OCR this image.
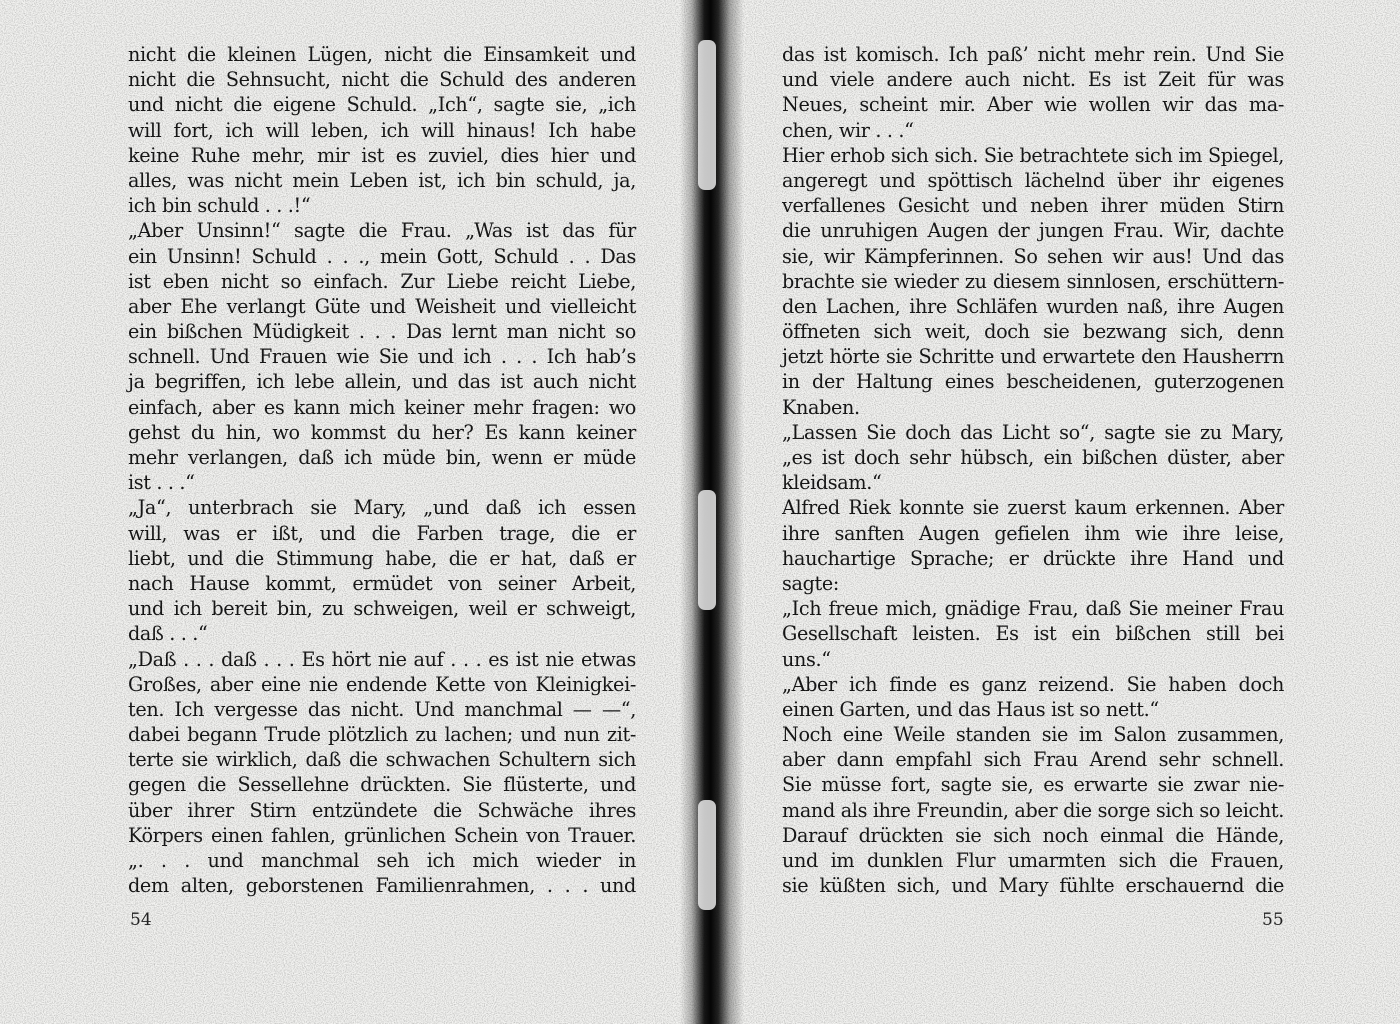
nicht die kleinen Lügen, nicht die Einsamkeit und
nicht die Sehnsucht, nicht die Schuld des anderen
und nicht die eigene Schuld. „Ich“, sagte sie, „ich
will fort, ich will leben, ich will hinaus! Ich habe
keine Ruhe mehr, mir ist es zuviel, dies hier und
alles, was nicht mein Leben ist, ich bin schuld, ja,
ich bin schuld . . .!“
„Aber Unsinn!“ sagte die Frau. „Was ist das für
ein Unsinn! Schuld . . ., mein Gott, Schuld . . Das
ist eben nicht so einfach. Zur Liebe reicht Liebe,
aber Ehe verlangt Güte und Weisheit und vielleicht
ein bißchen Müdigkeit . . . Das lernt man nicht so
schnell. Und Frauen wie Sie und ich . . . Ich hab’s
ja begriffen, ich lebe allein, und das ist auch nicht
einfach, aber es kann mich keiner mehr fragen: wo
gehst du hin, wo kommst du her? Es kann keiner
mehr verlangen, daß ich müde bin, wenn er müde
ist . . .“
„Ja“, unterbrach sie Mary, „und daß ich essen
will, was er ißt, und die Farben trage, die er
liebt, und die Stimmung habe, die er hat, daß er
nach Hause kommt, ermüdet von seiner Arbeit,
und ich bereit bin, zu schweigen, weil er schweigt,
daß . . .“
„Daß . . . daß . . . Es hört nie auf . . . es ist nie etwas
Großes, aber eine nie endende Kette von Kleinigkei-
ten. Ich vergesse das nicht. Und manchmal — —“,
dabei begann Trude plötzlich zu lachen; und nun zit-
terte sie wirklich, daß die schwachen Schultern sich
gegen die Sessellehne drückten. Sie flüsterte, und
über ihrer Stirn entzündete die Schwäche ihres
Körpers einen fahlen, grünlichen Schein von Trauer.
„. . . und manchmal seh ich mich wieder in
dem alten, geborstenen Familienrahmen, . . . und
54
das ist komisch. Ich paß’ nicht mehr rein. Und Sie
und viele andere auch nicht. Es ist Zeit für was
Neues, scheint mir. Aber wie wollen wir das ma-
chen, wir . . .“
Hier erhob sich sich. Sie betrachtete sich im Spiegel,
angeregt und spöttisch lächelnd über ihr eigenes
verfallenes Gesicht und neben ihrer müden Stirn
die unruhigen Augen der jungen Frau. Wir, dachte
sie, wir Kämpferinnen. So sehen wir aus! Und das
brachte sie wieder zu diesem sinnlosen, erschüttern-
den Lachen, ihre Schläfen wurden naß, ihre Augen
öffneten sich weit, doch sie bezwang sich, denn
jetzt hörte sie Schritte und erwartete den Hausherrn
in der Haltung eines bescheidenen, guterzogenen
Knaben.
„Lassen Sie doch das Licht so“, sagte sie zu Mary,
„es ist doch sehr hübsch, ein bißchen düster, aber
kleidsam.“
Alfred Riek konnte sie zuerst kaum erkennen. Aber
ihre sanften Augen gefielen ihm wie ihre leise,
hauchartige Sprache; er drückte ihre Hand und
sagte:
„Ich freue mich, gnädige Frau, daß Sie meiner Frau
Gesellschaft leisten. Es ist ein bißchen still bei
uns.“
„Aber ich finde es ganz reizend. Sie haben doch
einen Garten, und das Haus ist so nett.“
Noch eine Weile standen sie im Salon zusammen,
aber dann empfahl sich Frau Arend sehr schnell.
Sie müsse fort, sagte sie, es erwarte sie zwar nie-
mand als ihre Freundin, aber die sorge sich so leicht.
Darauf drückten sie sich noch einmal die Hände,
und im dunklen Flur umarmten sich die Frauen,
sie küßten sich, und Mary fühlte erschauernd die
55
